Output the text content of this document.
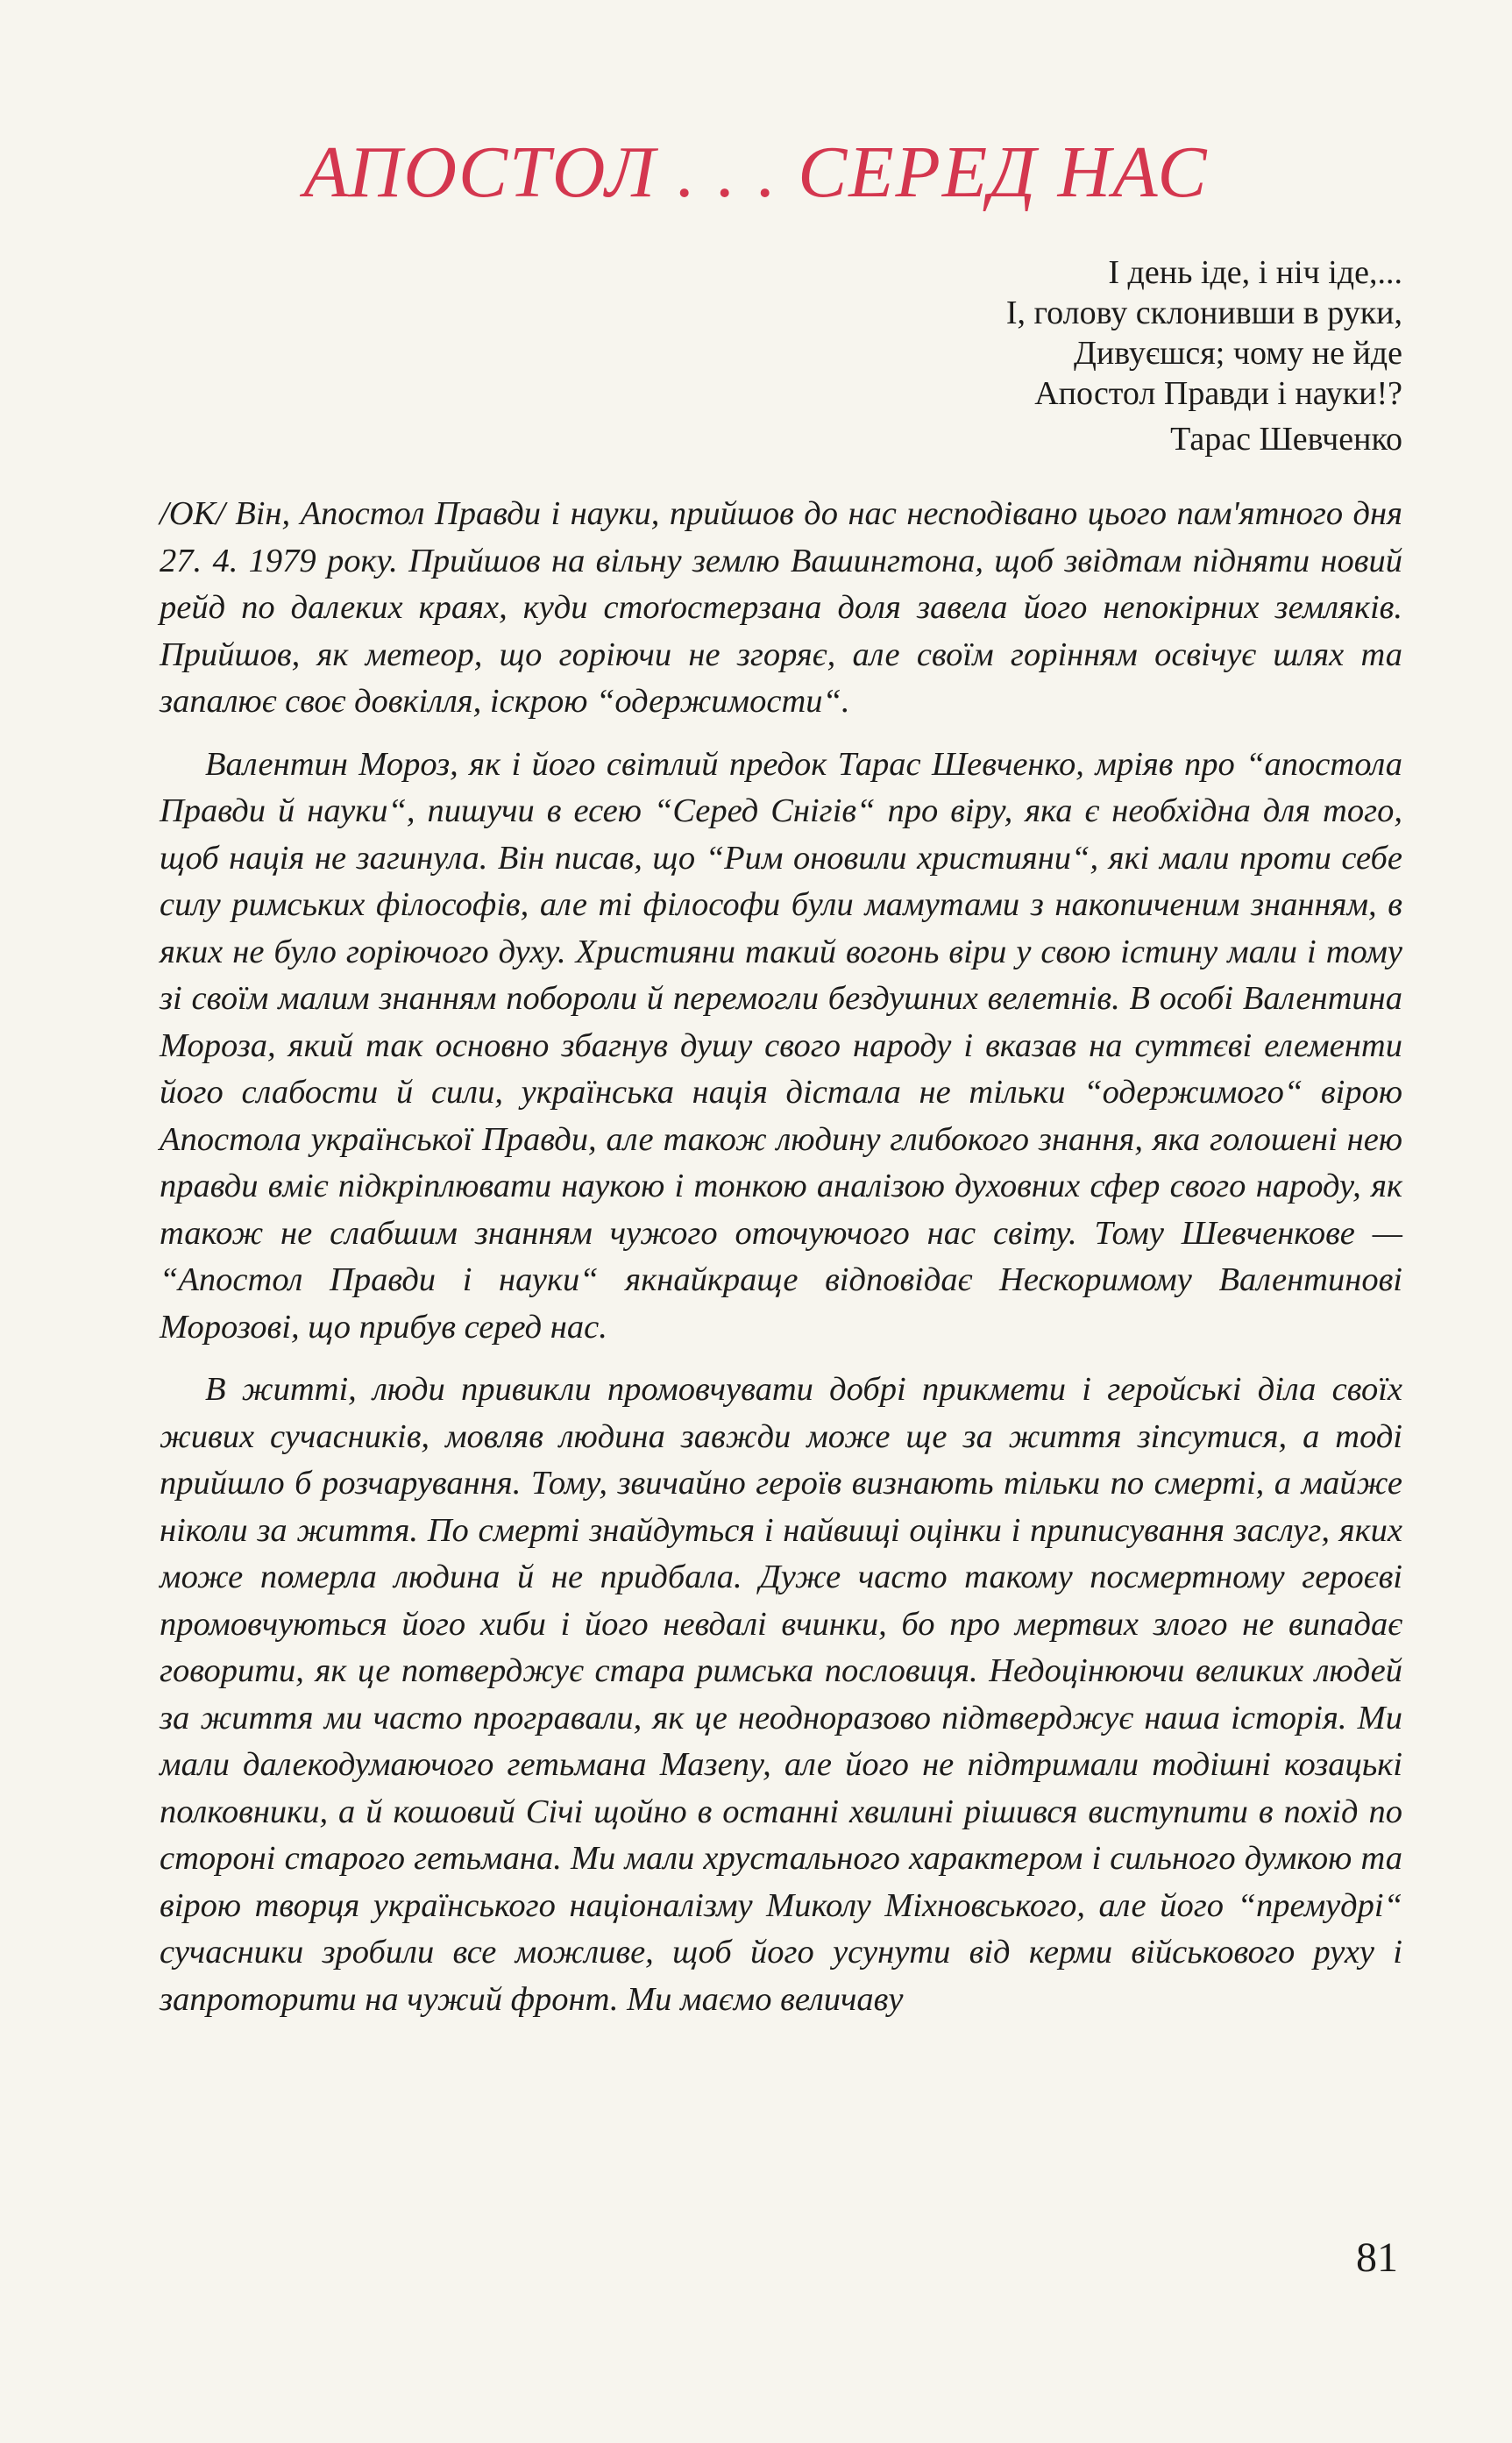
АПОСТОЛ . . . СЕРЕД НАС
І день іде, і ніч іде,...
І, голову склонивши в руки,
Дивуєшся; чому не йде
Апостол Правди і науки!?
Тарас Шевченко

/ОК/ Він, Апостол Правди і науки, прийшов до нас несподівано цього пам'ятного дня 27. 4. 1979 року. Прийшов на вільну землю Вашингтона, щоб звідтам підняти новий рейд по далеких краях, куди стоґостерзана доля завела його непокірних земляків. Прийшов, як метеор, що горіючи не згоряє, але своїм горінням освічує шлях та запалює своє довкілля, іскрою “одержимости“.

Валентин Мороз, як і його світлий предок Тарас Шевченко, мріяв про “апостола Правди й науки“, пишучи в есею “Серед Снігів“ про віру, яка є необхідна для того, щоб нація не загинула. Він писав, що “Рим оновили християни“, які мали проти себе силу римських філософів, але ті філософи були мамутами з накопиченим знанням, в яких не було горіючого духу. Християни такий вогонь віри у свою істину мали і тому зі своїм малим знанням побороли й перемогли бездушних велетнів. В особі Валентина Мороза, який так основно збагнув душу свого народу і вказав на суттєві елементи його слабости й сили, українська нація дістала не тільки “одержимого“ вірою Апостола української Правди, але також людину глибокого знання, яка голошені нею правди вміє підкріплювати наукою і тонкою аналізою духовних сфер свого народу, як також не слабшим знанням чужого оточуючого нас світу. Тому Шевченкове — “Апостол Правди і науки“ якнайкраще відповідає Нескоримому Валентинові Морозові, що прибув серед нас.

В житті, люди привикли промовчувати добрі прикмети і геройські діла своїх живих сучасників, мовляв людина завжди може ще за життя зіпсутися, а тоді прийшло б розчарування. Тому, звичайно героїв визнають тільки по смерті, а майже ніколи за життя. По смерті знайдуться і найвищі оцінки і приписування заслуг, яких може померла людина й не придбала. Дуже часто такому посмертному героєві промовчуються його хиби і його невдалі вчинки, бо про мертвих злого не випадає говорити, як це потверджує стара римська пословиця. Недоцінюючи великих людей за життя ми часто програвали, як це неодноразово підтверджує наша історія. Ми мали далекодумаючого гетьмана Мазепу, але його не підтримали тодішні козацькі полковники, а й кошовий Січі щойно в останні хвилині рішився виступити в похід по стороні старого гетьмана. Ми мали хрустального характером і сильного думкою та вірою творця українського націоналізму Миколу Міхновського, але його “премудрі“ сучасники зробили все можливе, щоб його усунути від керми військового руху і запроторити на чужий фронт. Ми маємо величаву

81
